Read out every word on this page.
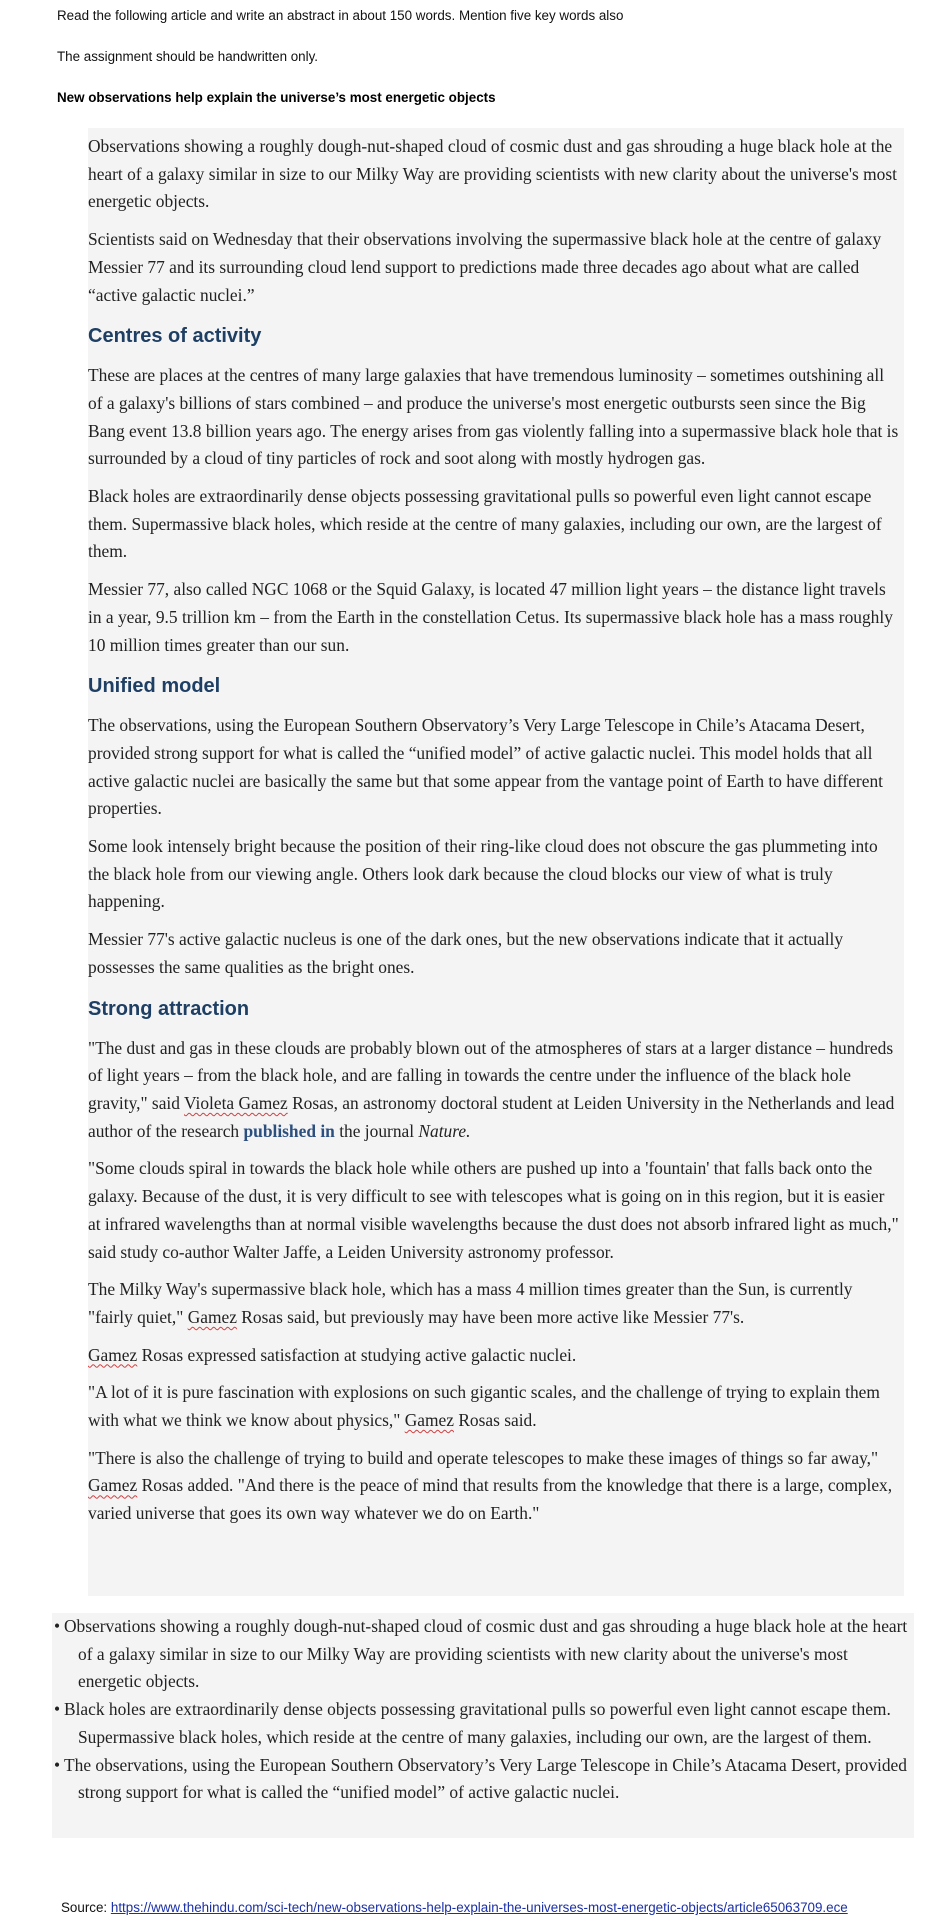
Read the following article and write an abstract in about 150 words. Mention five key words also
The assignment should be handwritten only.
New observations help explain the universe’s most energetic objects

Observations showing a roughly dough-nut-shaped cloud of cosmic dust and gas shrouding a huge black hole at the heart of a galaxy similar in size to our Milky Way are providing scientists with new clarity about the universe's most energetic objects.

Scientists said on Wednesday that their observations involving the supermassive black hole at the centre of galaxy Messier 77 and its surrounding cloud lend support to predictions made three decades ago about what are called “active galactic nuclei.”

Centres of activity

These are places at the centres of many large galaxies that have tremendous luminosity – sometimes outshining all of a galaxy's billions of stars combined – and produce the universe's most energetic outbursts seen since the Big Bang event 13.8 billion years ago. The energy arises from gas violently falling into a supermassive black hole that is surrounded by a cloud of tiny particles of rock and soot along with mostly hydrogen gas.

Black holes are extraordinarily dense objects possessing gravitational pulls so powerful even light cannot escape them. Supermassive black holes, which reside at the centre of many galaxies, including our own, are the largest of them.

Messier 77, also called NGC 1068 or the Squid Galaxy, is located 47 million light years – the distance light travels in a year, 9.5 trillion km – from the Earth in the constellation Cetus. Its supermassive black hole has a mass roughly 10 million times greater than our sun.

Unified model

The observations, using the European Southern Observatory’s Very Large Telescope in Chile’s Atacama Desert, provided strong support for what is called the “unified model” of active galactic nuclei. This model holds that all active galactic nuclei are basically the same but that some appear from the vantage point of Earth to have different properties.

Some look intensely bright because the position of their ring-like cloud does not obscure the gas plummeting into the black hole from our viewing angle. Others look dark because the cloud blocks our view of what is truly happening.

Messier 77's active galactic nucleus is one of the dark ones, but the new observations indicate that it actually possesses the same qualities as the bright ones.

Strong attraction

"The dust and gas in these clouds are probably blown out of the atmospheres of stars at a larger distance – hundreds of light years – from the black hole, and are falling in towards the centre under the influence of the black hole gravity," said Violeta Gamez Rosas, an astronomy doctoral student at Leiden University in the Netherlands and lead author of the research published in the journal Nature.

"Some clouds spiral in towards the black hole while others are pushed up into a 'fountain' that falls back onto the galaxy. Because of the dust, it is very difficult to see with telescopes what is going on in this region, but it is easier at infrared wavelengths than at normal visible wavelengths because the dust does not absorb infrared light as much," said study co-author Walter Jaffe, a Leiden University astronomy professor.

The Milky Way's supermassive black hole, which has a mass 4 million times greater than the Sun, is currently "fairly quiet," Gamez Rosas said, but previously may have been more active like Messier 77's.

Gamez Rosas expressed satisfaction at studying active galactic nuclei.

"A lot of it is pure fascination with explosions on such gigantic scales, and the challenge of trying to explain them with what we think we know about physics," Gamez Rosas said.

"There is also the challenge of trying to build and operate telescopes to make these images of things so far away," Gamez Rosas added. "And there is the peace of mind that results from the knowledge that there is a large, complex, varied universe that goes its own way whatever we do on Earth."

• Observations showing a roughly dough-nut-shaped cloud of cosmic dust and gas shrouding a huge black hole at the heart of a galaxy similar in size to our Milky Way are providing scientists with new clarity about the universe's most energetic objects.
• Black holes are extraordinarily dense objects possessing gravitational pulls so powerful even light cannot escape them. Supermassive black holes, which reside at the centre of many galaxies, including our own, are the largest of them.
• The observations, using the European Southern Observatory’s Very Large Telescope in Chile’s Atacama Desert, provided strong support for what is called the “unified model” of active galactic nuclei.
Source: https://www.thehindu.com/sci-tech/new-observations-help-explain-the-universes-most-energetic-objects/article65063709.ece
